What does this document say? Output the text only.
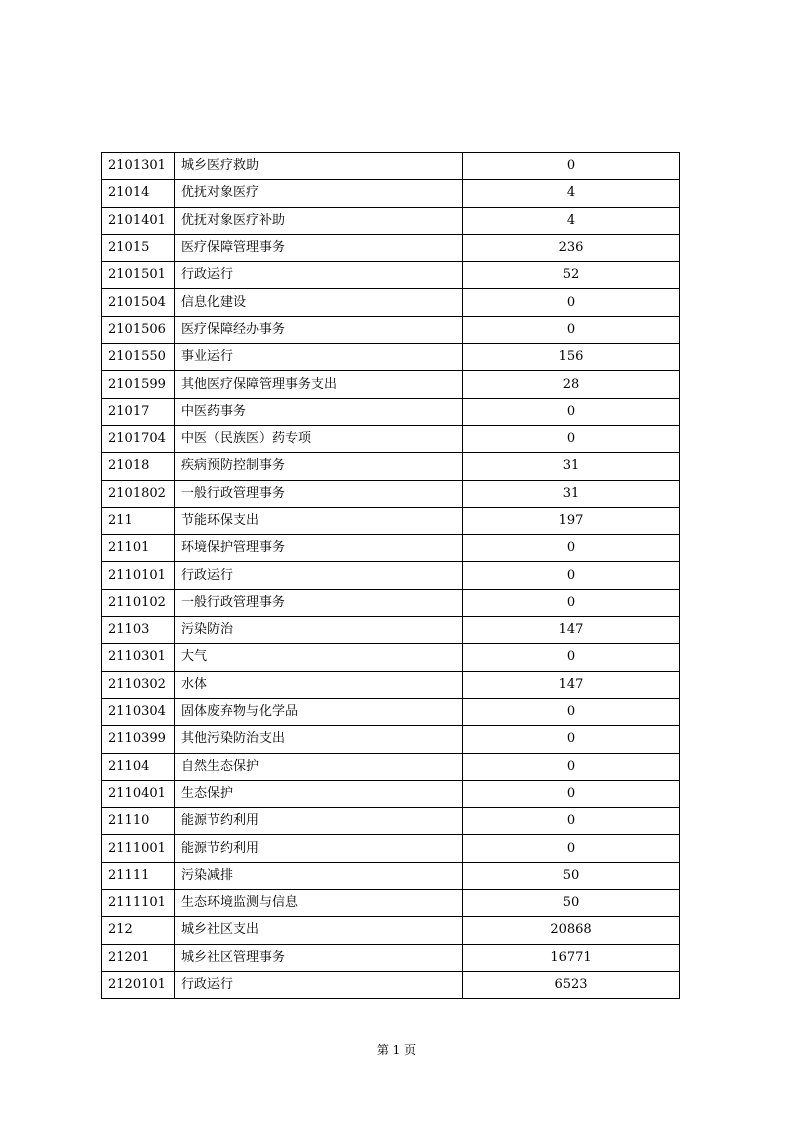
2101301	城乡医疗救助	0
21014	优抚对象医疗	4
2101401	优抚对象医疗补助	4
21015	医疗保障管理事务	236
2101501	行政运行	52
2101504	信息化建设	0
2101506	医疗保障经办事务	0
2101550	事业运行	156
2101599	其他医疗保障管理事务支出	28
21017	中医药事务	0
2101704	中医（民族医）药专项	0
21018	疾病预防控制事务	31
2101802	一般行政管理事务	31
211	节能环保支出	197
21101	环境保护管理事务	0
2110101	行政运行	0
2110102	一般行政管理事务	0
21103	污染防治	147
2110301	大气	0
2110302	水体	147
2110304	固体废弃物与化学品	0
2110399	其他污染防治支出	0
21104	自然生态保护	0
2110401	生态保护	0
21110	能源节约利用	0
2111001	能源节约利用	0
21111	污染减排	50
2111101	生态环境监测与信息	50
212	城乡社区支出	20868
21201	城乡社区管理事务	16771
2120101	行政运行	6523
第 1 页
